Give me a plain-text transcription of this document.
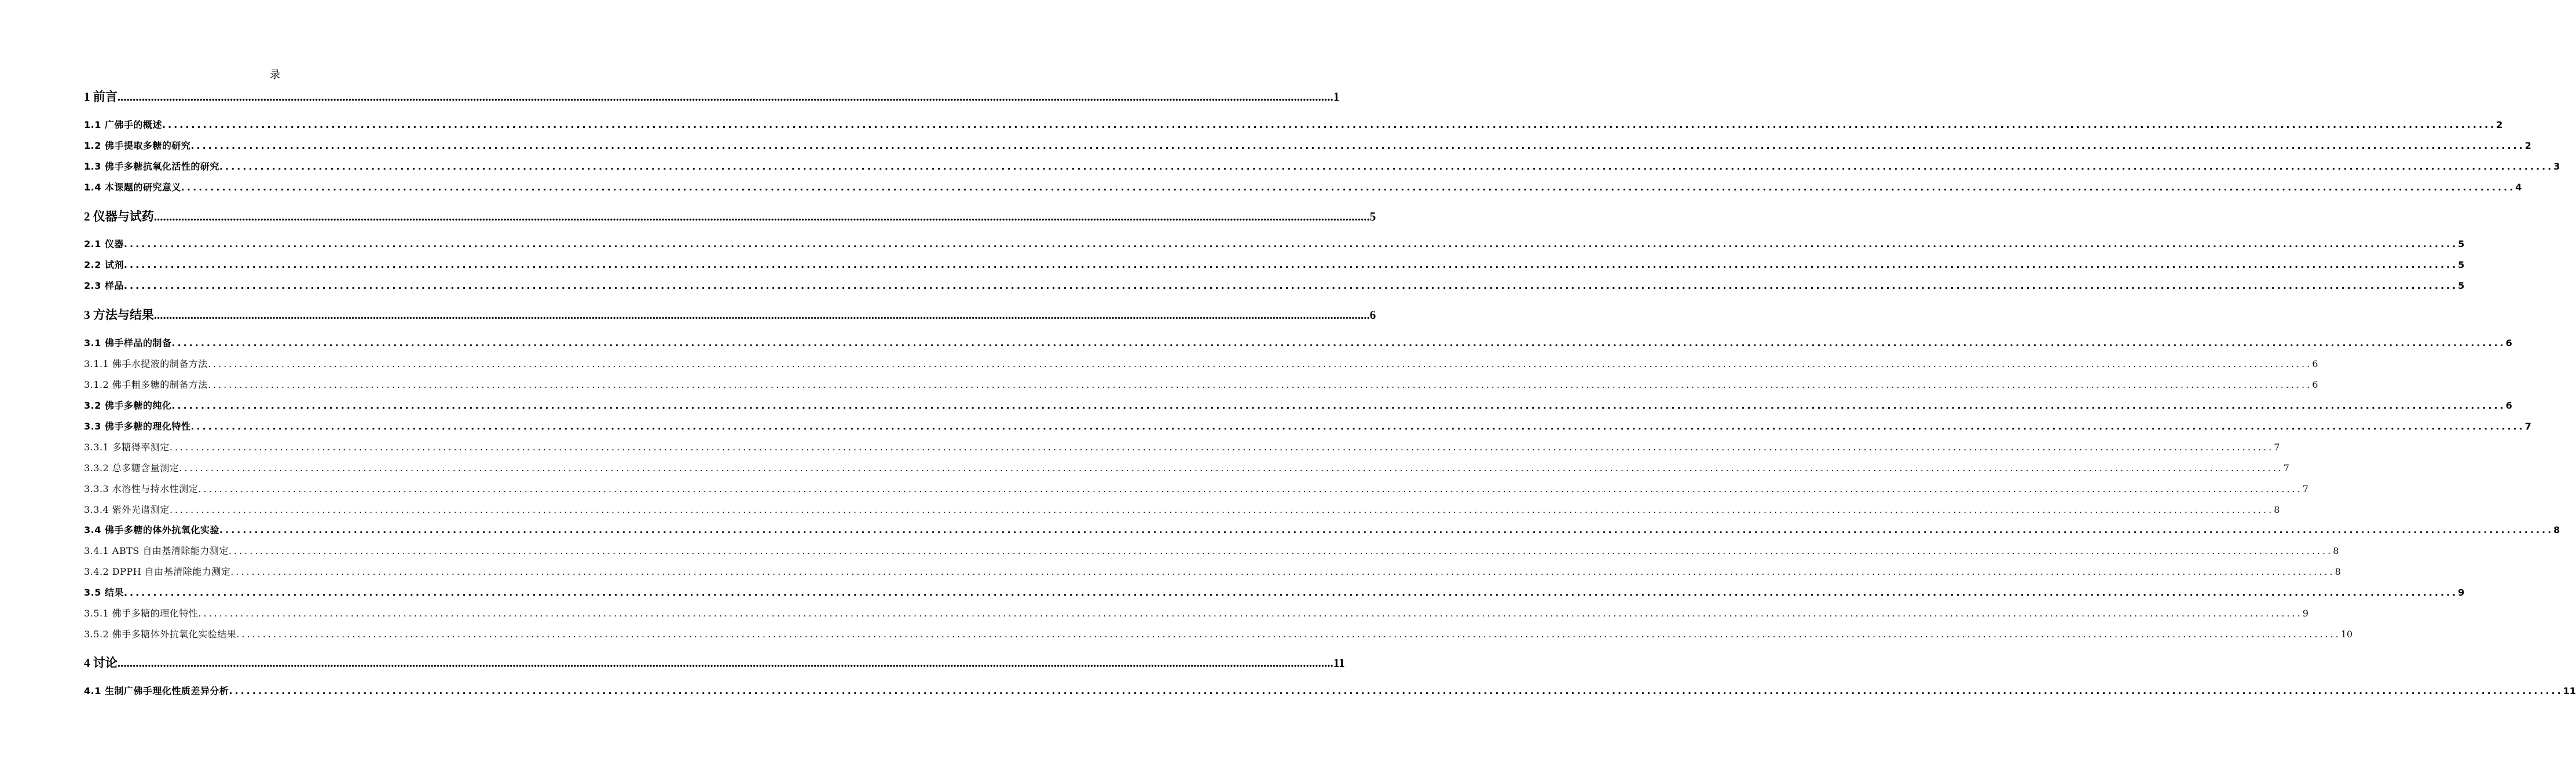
录
1 前言 ................................................................................................................................................................................................................................................................................................................................................................................................................ 1
1.1 广佛手的概述 ................................................................................................................................................................................................................................................................................................................................................................................................................ 2
1.2 佛手提取多糖的研究 ................................................................................................................................................................................................................................................................................................................................................................................................................ 2
1.3 佛手多糖抗氧化活性的研究 ................................................................................................................................................................................................................................................................................................................................................................................................................ 3
1.4 本课题的研究意义 ................................................................................................................................................................................................................................................................................................................................................................................................................ 4
2 仪器与试药 ................................................................................................................................................................................................................................................................................................................................................................................................................ 5
2.1 仪器 ................................................................................................................................................................................................................................................................................................................................................................................................................ 5
2.2 试剂 ................................................................................................................................................................................................................................................................................................................................................................................................................ 5
2.3 样品 ................................................................................................................................................................................................................................................................................................................................................................................................................ 5
3 方法与结果 ................................................................................................................................................................................................................................................................................................................................................................................................................ 6
3.1 佛手样品的制备 ................................................................................................................................................................................................................................................................................................................................................................................................................ 6
3.1.1 佛手水提液的制备方法 ................................................................................................................................................................................................................................................................................................................................................................................................................ 6
3.1.2 佛手粗多糖的制备方法 ................................................................................................................................................................................................................................................................................................................................................................................................................ 6
3.2 佛手多糖的纯化 ................................................................................................................................................................................................................................................................................................................................................................................................................ 6
3.3 佛手多糖的理化特性 ................................................................................................................................................................................................................................................................................................................................................................................................................ 7
3.3.1 多糖得率测定 ................................................................................................................................................................................................................................................................................................................................................................................................................ 7
3.3.2 总多糖含量测定 ................................................................................................................................................................................................................................................................................................................................................................................................................ 7
3.3.3 水溶性与持水性测定 ................................................................................................................................................................................................................................................................................................................................................................................................................ 7
3.3.4 紫外光谱测定 ................................................................................................................................................................................................................................................................................................................................................................................................................ 8
3.4 佛手多糖的体外抗氧化实验 ................................................................................................................................................................................................................................................................................................................................................................................................................ 8
3.4.1 ABTS 自由基清除能力测定 ................................................................................................................................................................................................................................................................................................................................................................................................................ 8
3.4.2 DPPH 自由基清除能力测定 ................................................................................................................................................................................................................................................................................................................................................................................................................ 8
3.5 结果 ................................................................................................................................................................................................................................................................................................................................................................................................................ 9
3.5.1 佛手多糖的理化特性 ................................................................................................................................................................................................................................................................................................................................................................................................................ 9
3.5.2 佛手多糖体外抗氧化实验结果 ................................................................................................................................................................................................................................................................................................................................................................................................................ 10
4 讨论 ................................................................................................................................................................................................................................................................................................................................................................................................................ 11
4.1 生制广佛手理化性质差异分析 ................................................................................................................................................................................................................................................................................................................................................................................................................ 11
